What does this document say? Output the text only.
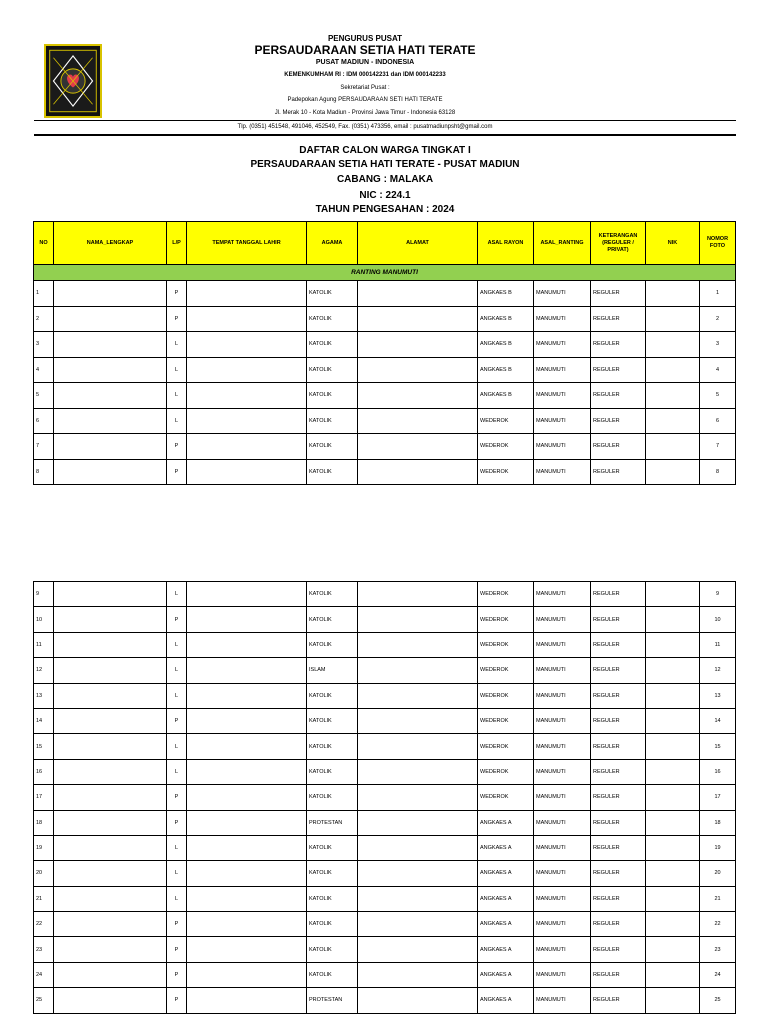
PENGURUS PUSAT
PERSAUDARAAN SETIA HATI TERATE
PUSAT MADIUN - INDONESIA
KEMENKUMHAM RI : IDM 000142231 dan IDM 000142233
Sekretariat Pusat :
Padepokan Agung PERSAUDARAAN SETI HATI TERATE
Jl. Merak 10 - Kota Madiun - Provinsi Jawa Timur - Indonesia 63128
Tlp. (0351) 451548, 491046, 452549, Fax. (0351) 473356, email : pusatmadiunpsht@gmail.com
DAFTAR CALON WARGA TINGKAT I
PERSAUDARAAN SETIA HATI TERATE - PUSAT MADIUN
CABANG : MALAKA
NIC : 224.1
TAHUN PENGESAHAN : 2024
NO	NAMA_LENGKAP	L/P	TEMPAT TANGGAL LAHIR	AGAMA	ALAMAT	ASAL RAYON	ASAL_RANTING	KETERANGAN (REGULER / PRIVAT)	NIK	NOMOR FOTO
RANTING MANUMUTI										
1		P		KATOLIK		ANGKAES B	MANUMUTI	REGULER		1
2		P		KATOLIK		ANGKAES B	MANUMUTI	REGULER		2
3		L		KATOLIK		ANGKAES B	MANUMUTI	REGULER		3
4		L		KATOLIK		ANGKAES B	MANUMUTI	REGULER		4
5		L		KATOLIK		ANGKAES B	MANUMUTI	REGULER		5
6		L		KATOLIK		WEDEROK	MANUMUTI	REGULER		6
7		P		KATOLIK		WEDEROK	MANUMUTI	REGULER		7
8		P		KATOLIK		WEDEROK	MANUMUTI	REGULER		8
9		L		KATOLIK		WEDEROK	MANUMUTI	REGULER		9
10		P		KATOLIK		WEDEROK	MANUMUTI	REGULER		10
11		L		KATOLIK		WEDEROK	MANUMUTI	REGULER		11
12		L		ISLAM		WEDEROK	MANUMUTI	REGULER		12
13		L		KATOLIK		WEDEROK	MANUMUTI	REGULER		13
14		P		KATOLIK		WEDEROK	MANUMUTI	REGULER		14
15		L		KATOLIK		WEDEROK	MANUMUTI	REGULER		15
16		L		KATOLIK		WEDEROK	MANUMUTI	REGULER		16
17		P		KATOLIK		WEDEROK	MANUMUTI	REGULER		17
18		P		PROTESTAN		ANGKAES A	MANUMUTI	REGULER		18
19		L		KATOLIK		ANGKAES A	MANUMUTI	REGULER		19
20		L		KATOLIK		ANGKAES A	MANUMUTI	REGULER		20
21		L		KATOLIK		ANGKAES A	MANUMUTI	REGULER		21
22		P		KATOLIK		ANGKAES A	MANUMUTI	REGULER		22
23		P		KATOLIK		ANGKAES A	MANUMUTI	REGULER		23
24		P		KATOLIK		ANGKAES A	MANUMUTI	REGULER		24
25		P		PROTESTAN		ANGKAES A	MANUMUTI	REGULER		25
